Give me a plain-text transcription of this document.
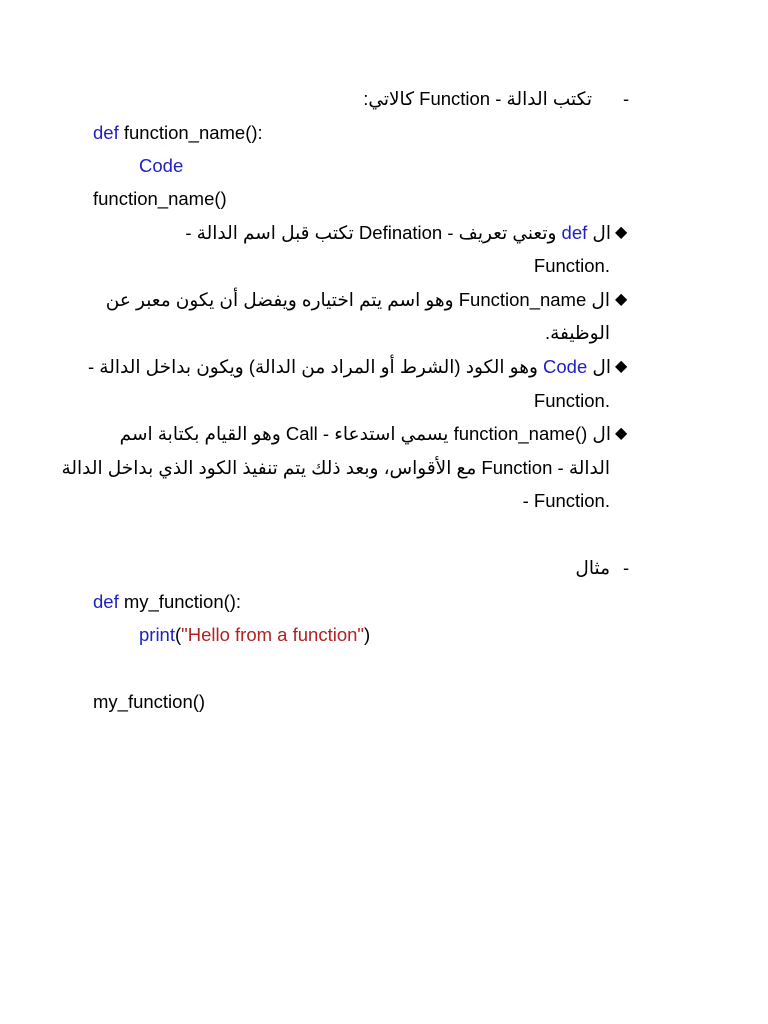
تكتب الدالة - Function كالاتي: -
def function_name():
Code
function_name()
◆
ال def وتعني تعريف - Defination تكتب قبل اسم الدالة -
Function.
◆
ال Function_name وهو اسم يتم اختياره ويفضل أن يكون معبر عن
الوظيفة.
◆
ال Code وهو الكود (الشرط أو المراد من الدالة) ويكون بداخل الدالة -
Function.
◆
ال ()function_name يسمي استدعاء - Call وهو القيام بكتابة اسم
الدالة - Function مع الأقواس، وبعد ذلك يتم تنفيذ الكود الذي بداخل الدالة
- Function.
مثال -
def my_function():
print("Hello from a function")
my_function()
